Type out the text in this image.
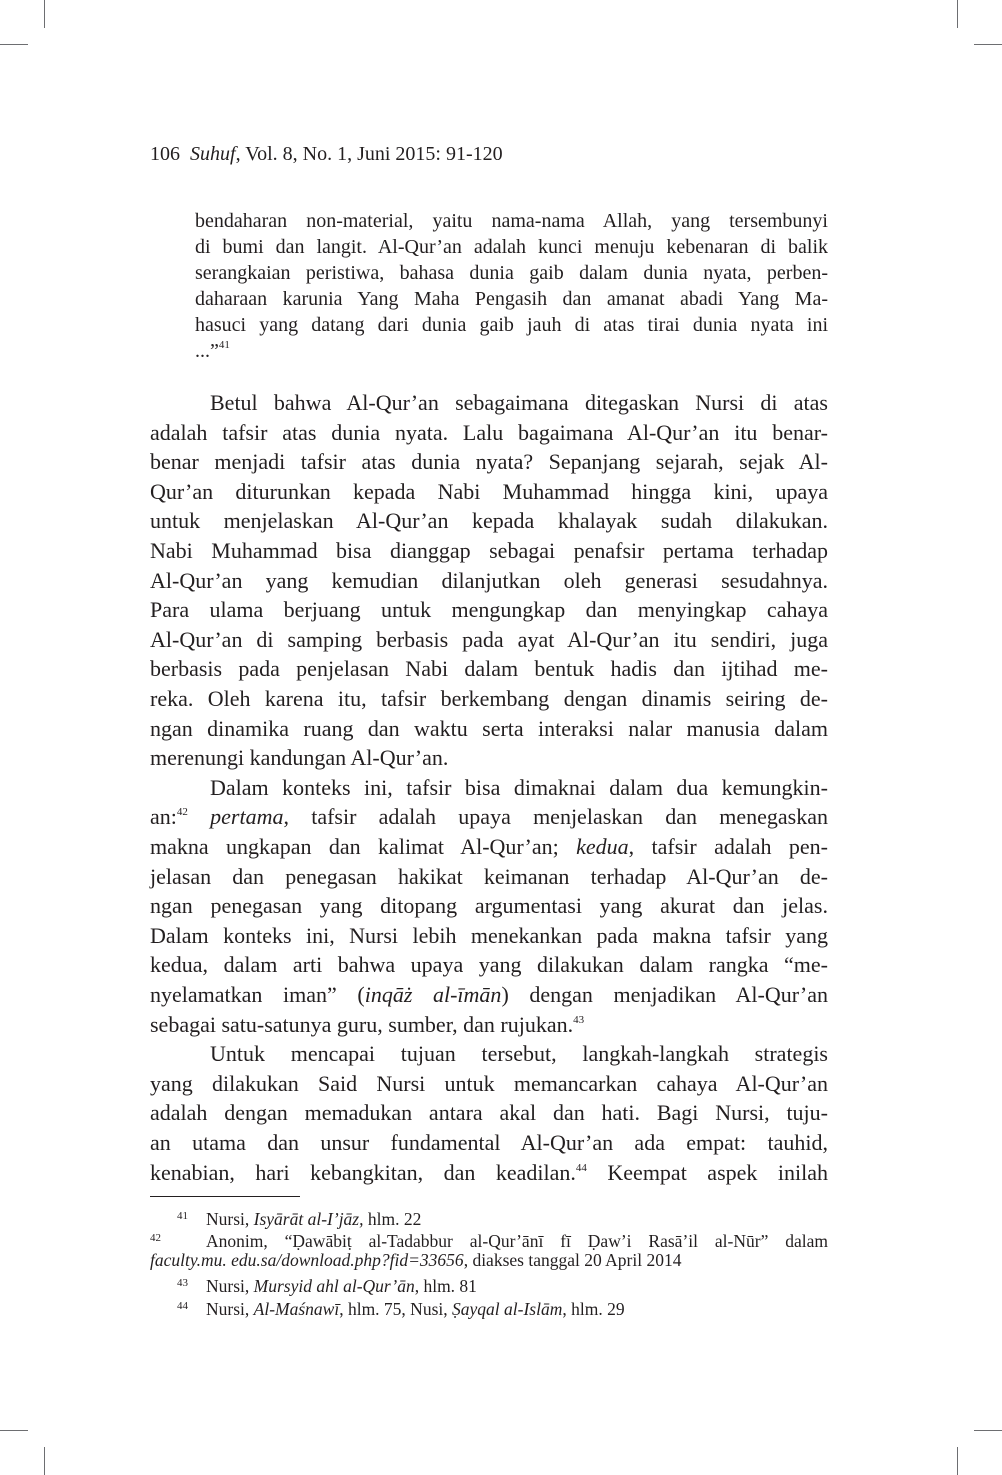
106 Suhuf, Vol. 8, No. 1, Juni 2015: 91-120
bendaharan non-material, yaitu nama-nama Allah, yang tersembunyi
di bumi dan langit. Al-Qur’an adalah kunci menuju kebenaran di balik
serangkaian peristiwa, bahasa dunia gaib dalam dunia nyata, perben-
daharaan karunia Yang Maha Pengasih dan amanat abadi Yang Ma-
hasuci yang datang dari dunia gaib jauh di atas tirai dunia nyata ini
...”$^{41}$
Betul bahwa Al-Qur’an sebagaimana ditegaskan Nursi di atas
adalah tafsir atas dunia nyata. Lalu bagaimana Al-Qur’an itu benar-
benar menjadi tafsir atas dunia nyata? Sepanjang sejarah, sejak Al-
Qur’an diturunkan kepada Nabi Muhammad hingga kini, upaya
untuk menjelaskan Al-Qur’an kepada khalayak sudah dilakukan.
Nabi Muhammad bisa dianggap sebagai penafsir pertama terhadap
Al-Qur’an yang kemudian dilanjutkan oleh generasi sesudahnya.
Para ulama berjuang untuk mengungkap dan menyingkap cahaya
Al-Qur’an di samping berbasis pada ayat Al-Qur’an itu sendiri, juga
berbasis pada penjelasan Nabi dalam bentuk hadis dan ijtihad me-
reka. Oleh karena itu, tafsir berkembang dengan dinamis seiring de-
ngan dinamika ruang dan waktu serta interaksi nalar manusia dalam
merenungi kandungan Al-Qur’an.
Dalam konteks ini, tafsir bisa dimaknai dalam dua kemungkin-
an:$^{42}$ pertama, tafsir adalah upaya menjelaskan dan menegaskan
makna ungkapan dan kalimat Al-Qur’an; kedua, tafsir adalah pen-
jelasan dan penegasan hakikat keimanan terhadap Al-Qur’an de-
ngan penegasan yang ditopang argumentasi yang akurat dan jelas.
Dalam konteks ini, Nursi lebih menekankan pada makna tafsir yang
kedua, dalam arti bahwa upaya yang dilakukan dalam rangka “me-
nyelamatkan iman” (inqāż al-īmān) dengan menjadikan Al-Qur’an
sebagai satu-satunya guru, sumber, dan rujukan.$^{43}$
Untuk mencapai tujuan tersebut, langkah-langkah strategis
yang dilakukan Said Nursi untuk memancarkan cahaya Al-Qur’an
adalah dengan memadukan antara akal dan hati. Bagi Nursi, tuju-
an utama dan unsur fundamental Al-Qur’an ada empat: tauhid,
kenabian, hari kebangkitan, dan keadilan.$^{44}$ Keempat aspek inilah
41 Nursi, Isyārāt al-I’jāz, hlm. 22
42	Anonim, “Ḍawābiṭ al-Tadabbur al-Qur’ānī fī Ḍaw’i Rasā’il al-Nūr” dalam
faculty.mu. edu.sa/download.php?fid=33656, diakses tanggal 20 April 2014
43 Nursi, Mursyid ahl al-Qur’ān, hlm. 81
44 Nursi, Al-Maśnawī, hlm. 75, Nusi, Ṣayqal al-Islām, hlm. 29
